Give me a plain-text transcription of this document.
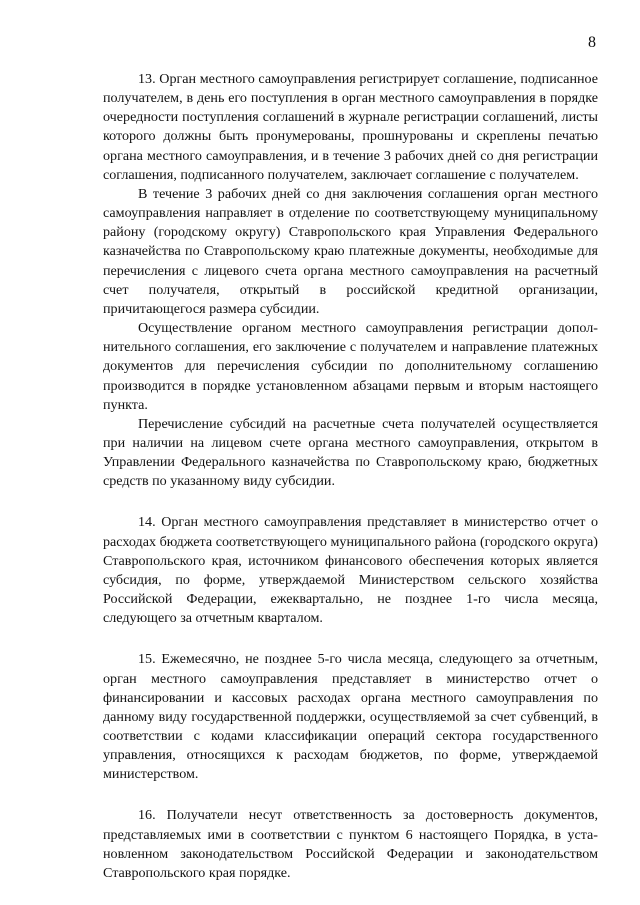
8

13. Орган местного самоуправления регистрирует соглашение, подписанное получателем, в день его поступления в орган местного самоуправления в порядке очередности поступления соглашений в журнале регистрации соглашений, листы которого должны быть пронумерованы, прошнурованы и скреплены печатью органа местного самоуправления, и в течение 3 рабочих дней со дня регистрации соглашения, подписанного получателем, заключает соглашение с получателем.

В течение 3 рабочих дней со дня заключения соглашения орган местного самоуправления направляет в отделение по соответствующему муниципальному району (городскому округу) Ставропольского края Управления Федерального казначейства по Ставропольскому краю платежные документы, необходимые для перечисления с лицевого счета органа местного самоуправления на расчетный счет получателя, открытый в российской кредитной организации, причитающегося размера субсидии.

Осуществление органом местного самоуправления регистрации дополнительного соглашения, его заключение с получателем и направление платежных документов для перечисления субсидии по дополнительному соглашению производится в порядке установленном абзацами первым и вторым настоящего пункта.

Перечисление субсидий на расчетные счета получателей осуществляется при наличии на лицевом счете органа местного самоуправления, открытом в Управлении Федерального казначейства по Ставропольскому краю, бюджетных средств по указанному виду субсидии.

14. Орган местного самоуправления представляет в министерство отчет о расходах бюджета соответствующего муниципального района (городского округа) Ставропольского края, источником финансового обеспечения которых является субсидия, по форме, утверждаемой Министерством сельского хозяйства Российской Федерации, ежеквартально, не позднее 1-го числа месяца, следующего за отчетным кварталом.

15. Ежемесячно, не позднее 5-го числа месяца, следующего за отчетным, орган местного самоуправления представляет в министерство отчет о финансировании и кассовых расходах органа местного самоуправления по данному виду государственной поддержки, осуществляемой за счет субвенций, в соответствии с кодами классификации операций сектора государственного управления, относящихся к расходам бюджетов, по форме, утверждаемой министерством.

16. Получатели несут ответственность за достоверность документов, представляемых ими в соответствии с пунктом 6 настоящего Порядка, в установленном законодательством Российской Федерации и законодательством Ставропольского края порядке.
